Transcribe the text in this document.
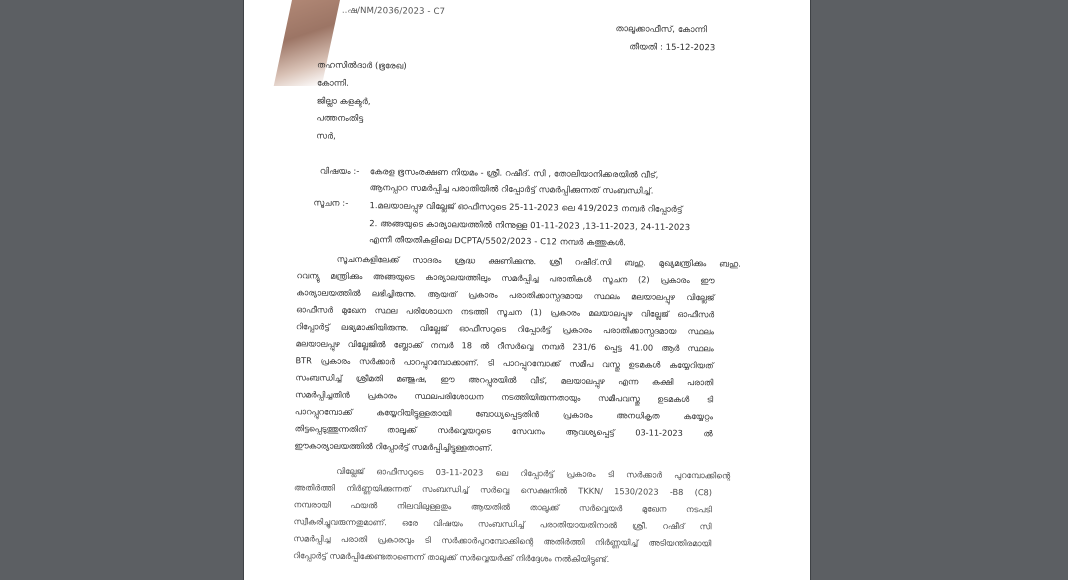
..ഷ/NM/2036/2023 - C7
താലൂക്കാഫീസ്, കോന്നി
തീയതി : 15-12-2023
തഹസിൽദാർ (ഭൂരേഖ)
കോന്നി.
ജില്ലാ കളക്ടർ,
പത്തനംതിട്ട
സർ,
വിഷയം :- കേരള ഭൂസംരക്ഷണ നിയമം - ശ്രീ. റഷീദ്. സി , തോലിയാനിക്കരയിൽ വീട്,
ആനപ്പാറ സമർപ്പിച്ച പരാതിയിൽ റിപ്പോർട്ട് സമർപ്പിക്കുന്നത് സംബന്ധിച്ച്.
സൂചന :- 1.മലയാലപ്പുഴ വില്ലേജ് ഓഫീസറുടെ 25-11-2023 ലെ 419/2023 നമ്പർ റിപ്പോർട്ട്
2. അങ്ങയുടെ കാര്യാലയത്തിൽ നിന്നുള്ള 01-11-2023 ,13-11-2023, 24-11-2023
എന്നീ തീയതികളിലെ DCPTA/5502/2023 - C12 നമ്പർ കത്തുകൾ.
സൂചനകളിലേക്ക് സാദരം ശ്രദ്ധ ക്ഷണിക്കുന്നു. ശ്രീ റഷീദ്.സി ബഹു. മുഖ്യമന്ത്രിക്കും ബഹു.
റവന്യു മന്ത്രിക്കും അങ്ങയുടെ കാര്യാലയത്തിലും സമർപ്പിച്ച പരാതികൾ സൂചന (2) പ്രകാരം ഈ
കാര്യാലയത്തിൽ ലഭിച്ചിരുന്നു. ആയത് പ്രകാരം പരാതിക്കാസ്പദമായ സ്ഥലം മലയാലപ്പുഴ വില്ലേജ്
ഓഫീസർ മുഖേന സ്ഥല പരിശോധന നടത്തി സൂചന (1) പ്രകാരം മലയാലപ്പുഴ വില്ലേജ് ഓഫീസർ
റിപ്പോർട്ട് ലഭ്യമാക്കിയിരുന്നു. വില്ലേജ് ഓഫീസറുടെ റിപ്പോർട്ട് പ്രകാരം പരാതിക്കാസ്പദമായ സ്ഥലം
മലയാലപ്പുഴ വില്ലേജിൽ ബ്ലോക്ക് നമ്പർ 18 ൽ റീസർവ്വെ നമ്പർ 231/6 പ്പെട്ട 41.00 ആർ സ്ഥലം
BTR പ്രകാരം സർക്കാർ പാറപ്പുറമ്പോക്കാണ്. ടി പാറപ്പുറമ്പോക്ക് സമീപ വസ്തു ഉടമകൾ കയ്യേറിയത്
സംബന്ധിച്ച് ശ്രീമതി മഞ്ജുഷ, ഈ അറപ്പുരയിൽ വീട്, മലയാലപ്പുഴ എന്ന കക്ഷി പരാതി
സമർപ്പിച്ചതിൻ പ്രകാരം സ്ഥലപരിശോധന നടത്തിയിരുന്നതായും സമീപവസ്തു ഉടമകൾ ടി
പാറപ്പുറമ്പോക്ക് കയ്യേറിയിട്ടുള്ളതായി ബോധ്യപ്പെട്ടതിൻ പ്രകാരം അനധികൃത കയ്യേറ്റം
തിട്ടപ്പെടുത്തുന്നതിന് താലൂക്ക് സർവ്വെയറുടെ സേവനം ആവശ്യപ്പെട്ട് 03-11-2023 ൽ
ഈകാര്യാലയത്തിൽ റിപ്പോർട്ട് സമർപ്പിച്ചിട്ടുള്ളതാണ്.
വില്ലേജ് ഓഫീസറുടെ 03-11-2023 ലെ റിപ്പോർട്ട് പ്രകാരം ടി സർക്കാർ പുറമ്പോക്കിന്റെ
അതിർത്തി നിർണ്ണയിക്കുന്നത് സംബന്ധിച്ച് സർവ്വെ സെക്ഷനിൽ TKKN/ 1530/2023 -B8 (C8)
നമ്പരായി ഫയൽ നിലവിലുള്ളതും ആയതിൽ താലൂക്ക് സർവ്വെയർ മുഖേന നടപടി
സ്വീകരിച്ചുവരുന്നതുമാണ്. ഒരേ വിഷയം സംബന്ധിച്ച് പരാതിയായതിനാൽ ശ്രീ. റഷീദ് സി
സമർപ്പിച്ച പരാതി പ്രകാരവും ടി സർക്കാർപുറമ്പോക്കിന്റെ അതിർത്തി നിർണ്ണയിച്ച് അടിയന്തിരമായി
റിപ്പോർട്ട് സമർപ്പിക്കേണ്ടതാണെന്ന് താലൂക്ക് സർവ്വെയർക്ക് നിർദ്ദേശം നൽകിയിട്ടുണ്ട്.
